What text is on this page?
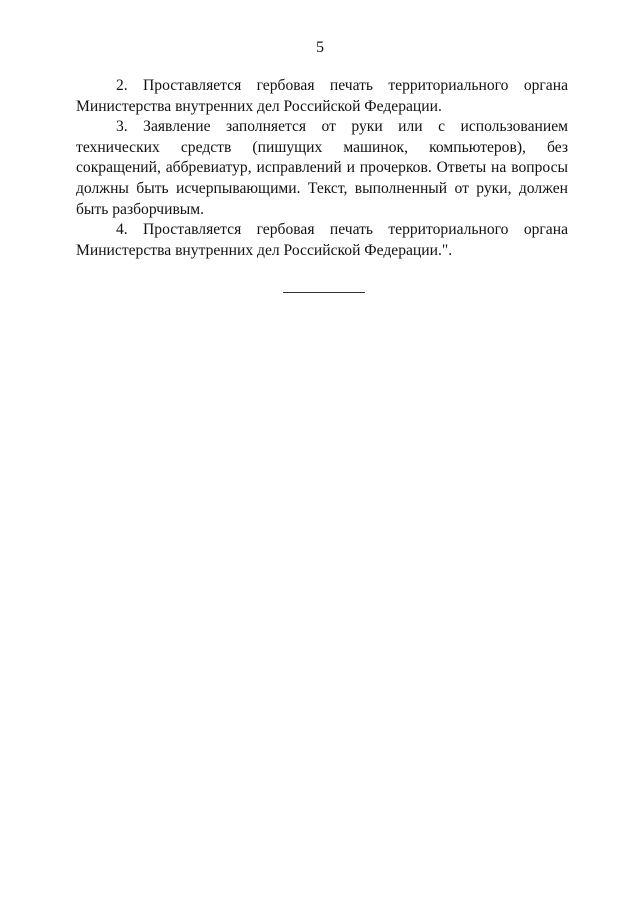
5

2. Проставляется гербовая печать территориального органа Министерства внутренних дел Российской Федерации.

3. Заявление заполняется от руки или с использованием технических средств (пишущих машинок, компьютеров), без сокращений, аббревиатур, исправлений и прочерков. Ответы на вопросы должны быть исчерпывающими. Текст, выполненный от руки, должен быть разборчивым.

4. Проставляется гербовая печать территориального органа Министерства внутренних дел Российской Федерации.".
